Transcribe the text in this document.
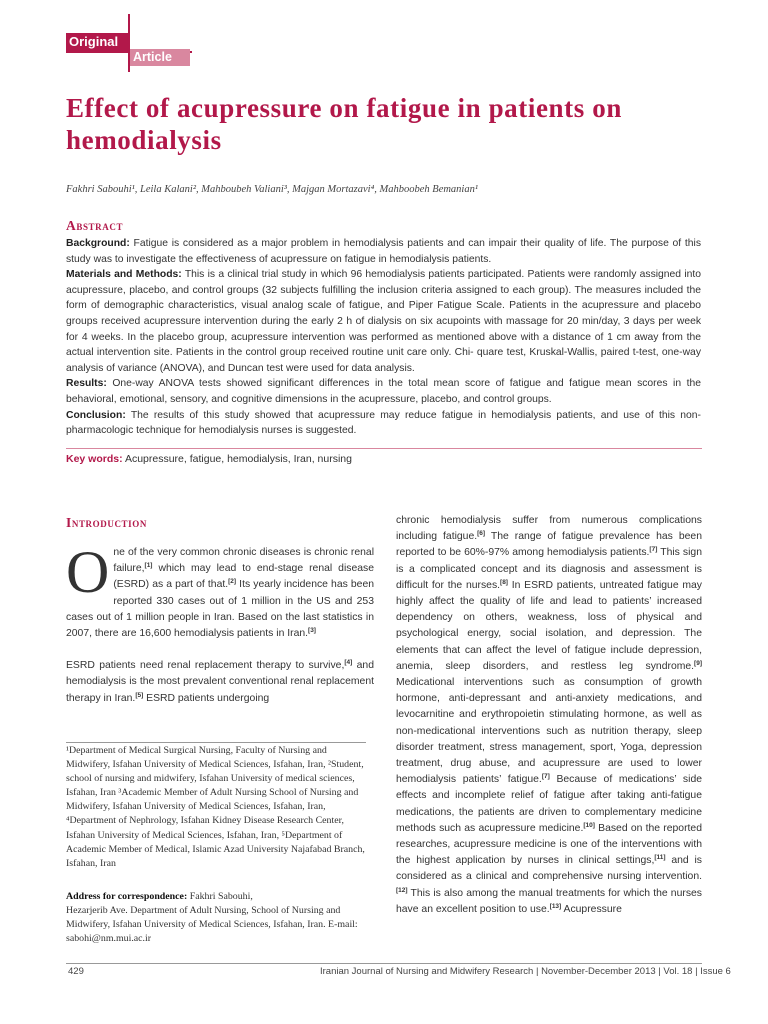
Original
Article
Effect of acupressure on fatigue in patients on hemodialysis
Fakhri Sabouhi¹, Leila Kalani², Mahboubeh Valiani³, Majgan Mortazavi⁴, Mahboobeh Bemanian¹
Abstract

Background: Fatigue is considered as a major problem in hemodialysis patients and can impair their quality of life. The purpose of this study was to investigate the effectiveness of acupressure on fatigue in hemodialysis patients.

Materials and Methods: This is a clinical trial study in which 96 hemodialysis patients participated. Patients were randomly assigned into acupressure, placebo, and control groups (32 subjects fulfilling the inclusion criteria assigned to each group). The measures included the form of demographic characteristics, visual analog scale of fatigue, and Piper Fatigue Scale. Patients in the acupressure and placebo groups received acupressure intervention during the early 2 h of dialysis on six acupoints with massage for 20 min/day, 3 days per week for 4 weeks. In the placebo group, acupressure intervention was performed as mentioned above with a distance of 1 cm away from the actual intervention site. Patients in the control group received routine unit care only. Chi- quare test, Kruskal-Wallis, paired t-test, one-way analysis of variance (ANOVA), and Duncan test were used for data analysis.

Results: One-way ANOVA tests showed significant differences in the total mean score of fatigue and fatigue mean scores in the behavioral, emotional, sensory, and cognitive dimensions in the acupressure, placebo, and control groups.

Conclusion: The results of this study showed that acupressure may reduce fatigue in hemodialysis patients, and use of this non-pharmacologic technique for hemodialysis nurses is suggested.

Key words: Acupressure, fatigue, hemodialysis, Iran, nursing
Introduction

One of the very common chronic diseases is chronic renal failure,[1] which may lead to end-stage renal disease (ESRD) as a part of that.[2] Its yearly incidence has been reported 330 cases out of 1 million in the US and 253 cases out of 1 million people in Iran. Based on the last statistics in 2007, there are 16,600 hemodialysis patients in Iran.[3]

ESRD patients need renal replacement therapy to survive,[4] and hemodialysis is the most prevalent conventional renal replacement therapy in Iran.[5] ESRD patients undergoing

chronic hemodialysis suffer from numerous complications including fatigue.[6] The range of fatigue prevalence has been reported to be 60%-97% among hemodialysis patients.[7] This sign is a complicated concept and its diagnosis and assessment is difficult for the nurses.[8] In ESRD patients, untreated fatigue may highly affect the quality of life and lead to patients’ increased dependency on others, weakness, loss of physical and psychological energy, social isolation, and depression. The elements that can affect the level of fatigue include depression, anemia, sleep disorders, and restless leg syndrome.[9] Medicational interventions such as consumption of growth hormone, anti-depressant and anti-anxiety medications, and levocarnitine and erythropoietin stimulating hormone, as well as non-medicational interventions such as nutrition therapy, sleep disorder treatment, stress management, sport, Yoga, depression treatment, drug abuse, and acupressure are used to lower hemodialysis patients’ fatigue.[7] Because of medications’ side effects and incomplete relief of fatigue after taking anti-fatigue medications, the patients are driven to complementary medicine methods such as acupressure medicine.[10] Based on the reported researches, acupressure medicine is one of the interventions with the highest application by nurses in clinical settings,[11] and is considered as a clinical and comprehensive nursing intervention.[12] This is also among the manual treatments for which the nurses have an excellent position to use.[13] Acupressure

¹Department of Medical Surgical Nursing, Faculty of Nursing and Midwifery, Isfahan University of Medical Sciences, Isfahan, Iran, ²Student, school of nursing and midwifery, Isfahan University of medical sciences, Isfahan, Iran ³Academic Member of Adult Nursing School of Nursing and Midwifery, Isfahan University of Medical Sciences, Isfahan, Iran, ⁴Department of Nephrology, Isfahan Kidney Disease Research Center, Isfahan University of Medical Sciences, Isfahan, Iran, ⁵Department of Academic Member of Medical, Islamic Azad University Najafabad Branch, Isfahan, Iran

Address for correspondence: Fakhri Sabouhi,

Hezarjerib Ave. Department of Adult Nursing, School of Nursing and Midwifery, Isfahan University of Medical Sciences, Isfahan, Iran. E-mail: sabohi@nm.mui.ac.ir

429	Iranian Journal of Nursing and Midwifery Research | November-December 2013 | Vol. 18 | Issue 6
